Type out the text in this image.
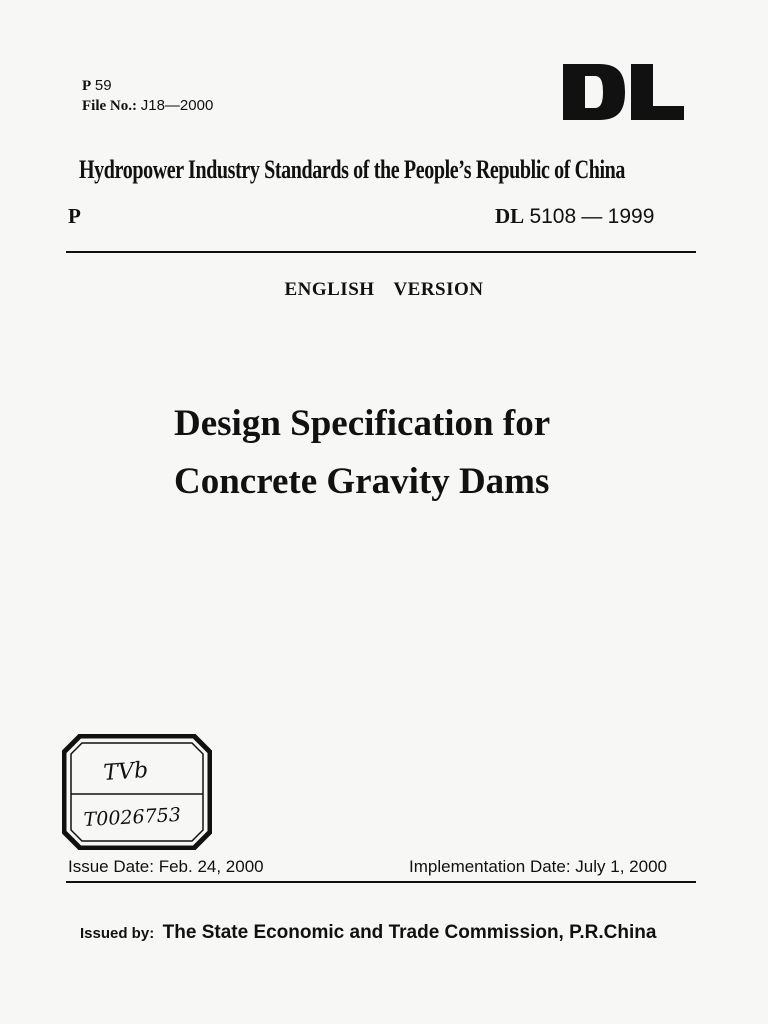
P 59
File No.: J18—2000
Hydropower Industry Standards of the People’s Republic of China
P	DL 5108 — 1999
ENGLISH VERSION
Design Specification for
Concrete Gravity Dams
TVb
T0026753
Issue Date: Feb. 24, 2000	Implementation Date: July 1, 2000
Issued by: The State Economic and Trade Commission, P.R.China
